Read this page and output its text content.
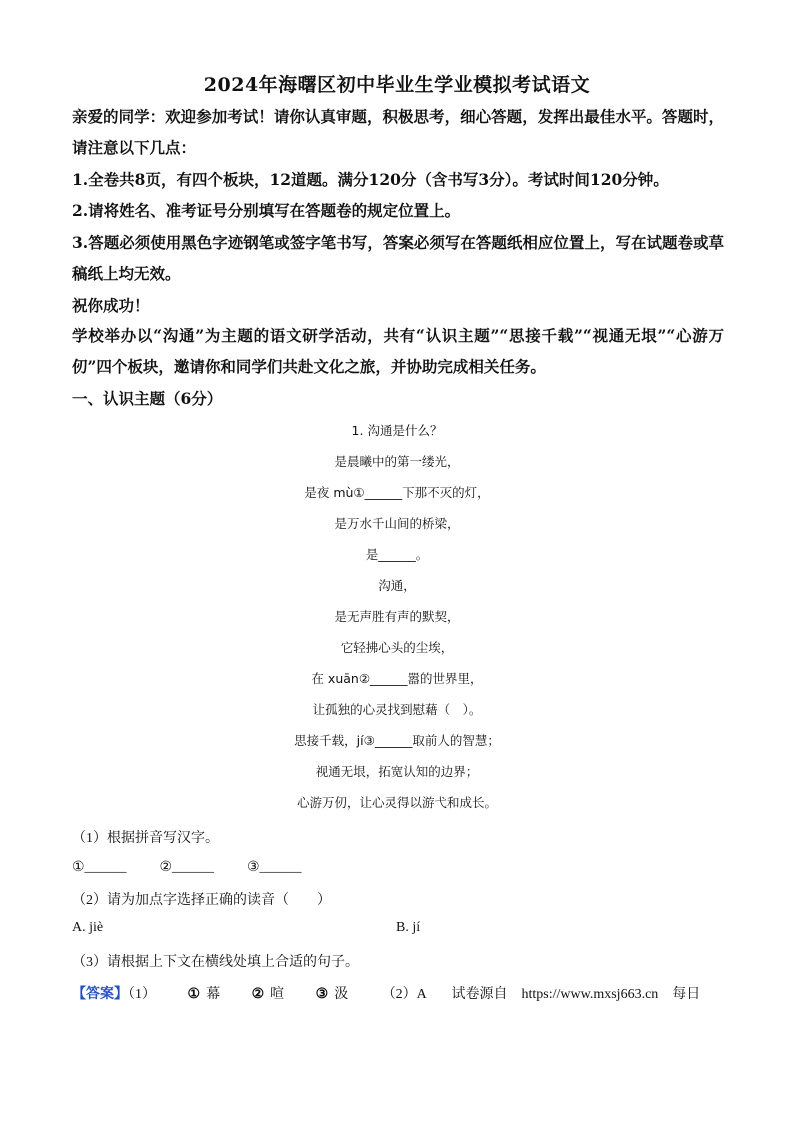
2024年海曙区初中毕业生学业模拟考试语文

亲爱的同学：欢迎参加考试！请你认真审题，积极思考，细心答题，发挥出最佳水平。答题时，请注意以下几点：

1.全卷共8页，有四个板块，12道题。满分120分（含书写3分）。考试时间120分钟。

2.请将姓名、准考证号分别填写在答题卷的规定位置上。

3.答题必须使用黑色字迹钢笔或签字笔书写，答案必须写在答题纸相应位置上，写在试题卷或草稿纸上均无效。

祝你成功！

学校举办以“沟通”为主题的语文研学活动，共有“认识主题”“思接千载”“视通无垠”“心游万仞”四个板块，邀请你和同学们共赴文化之旅，并协助完成相关任务。

一、认识主题（6分）

1. 沟通是什么？
是晨曦中的第一缕光，
是夜 mù①______下那不灭的灯，
是万水千山间的桥梁，
是______。
沟通，
是无声胜有声的默契，
它轻拂心头的尘埃，
在 xuān②______嚣的世界里，
让孤独的心灵找到慰藉（　）。
思接千载，jí③______取前人的智慧；
视通无垠，拓宽认知的边界；
心游万仞，让心灵得以游弋和成长。
（1）根据拼音写汉字。
①______ ②______ ③______
（2）请为加点字选择正确的读音（　　）
A. jiè	B. jí
（3）请根据上下文在横线处填上合适的句子。
【答案】（1） ① 幕 ② 喧 ③ 汲 （2）A 试卷源自　https://www.mxsj663.cn　每日
